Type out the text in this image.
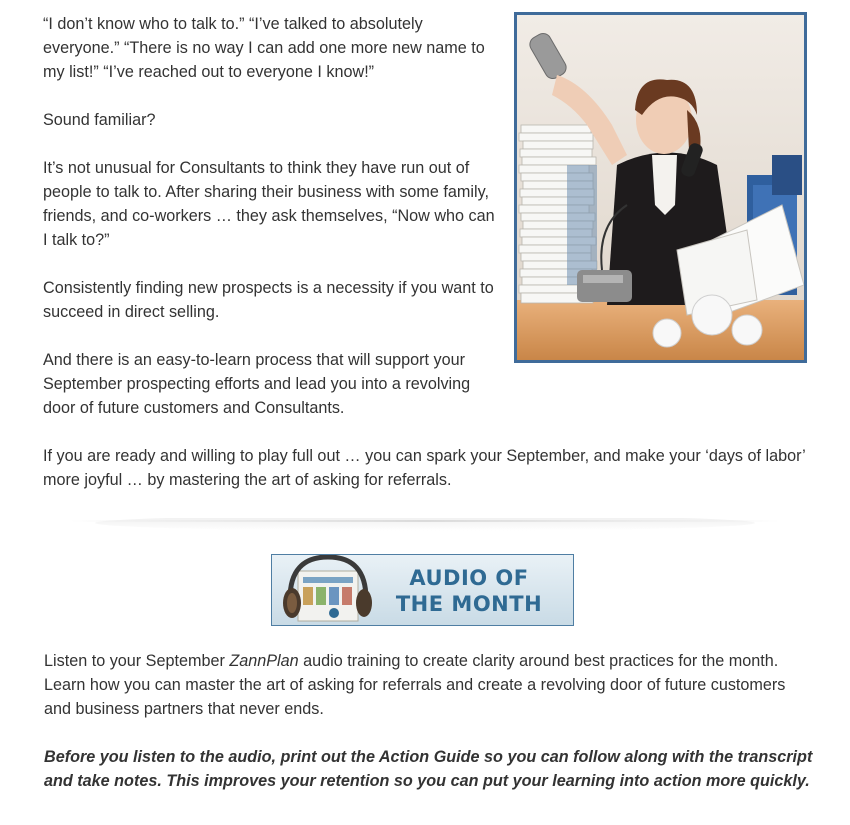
“I don’t know who to talk to.” “I’ve talked to absolutely everyone.” “There is no way I can add one more new name to my list!” “I’ve reached out to everyone I know!”

Sound familiar?

It’s not unusual for Consultants to think they have run out of people to talk to. After sharing their business with some family, friends, and co-workers … they ask themselves, “Now who can I talk to?”

Consistently finding new prospects is a necessity if you want to succeed in direct selling.

And there is an easy-to-learn process that will support your September prospecting efforts and lead you into a revolving door of future customers and Consultants.

If you are ready and willing to play full out … you can spark your September, and make your ‘days of labor’ more joyful … by mastering the art of asking for referrals.

AUDIO OF
THE MONTH

Listen to your September ZannPlan audio training to create clarity around best practices for the month. Learn how you can master the art of asking for referrals and create a revolving door of future customers and business partners that never ends.

Before you listen to the audio, print out the Action Guide so you can follow along with the transcript and take notes. This improves your retention so you can put your learning into action more quickly.
